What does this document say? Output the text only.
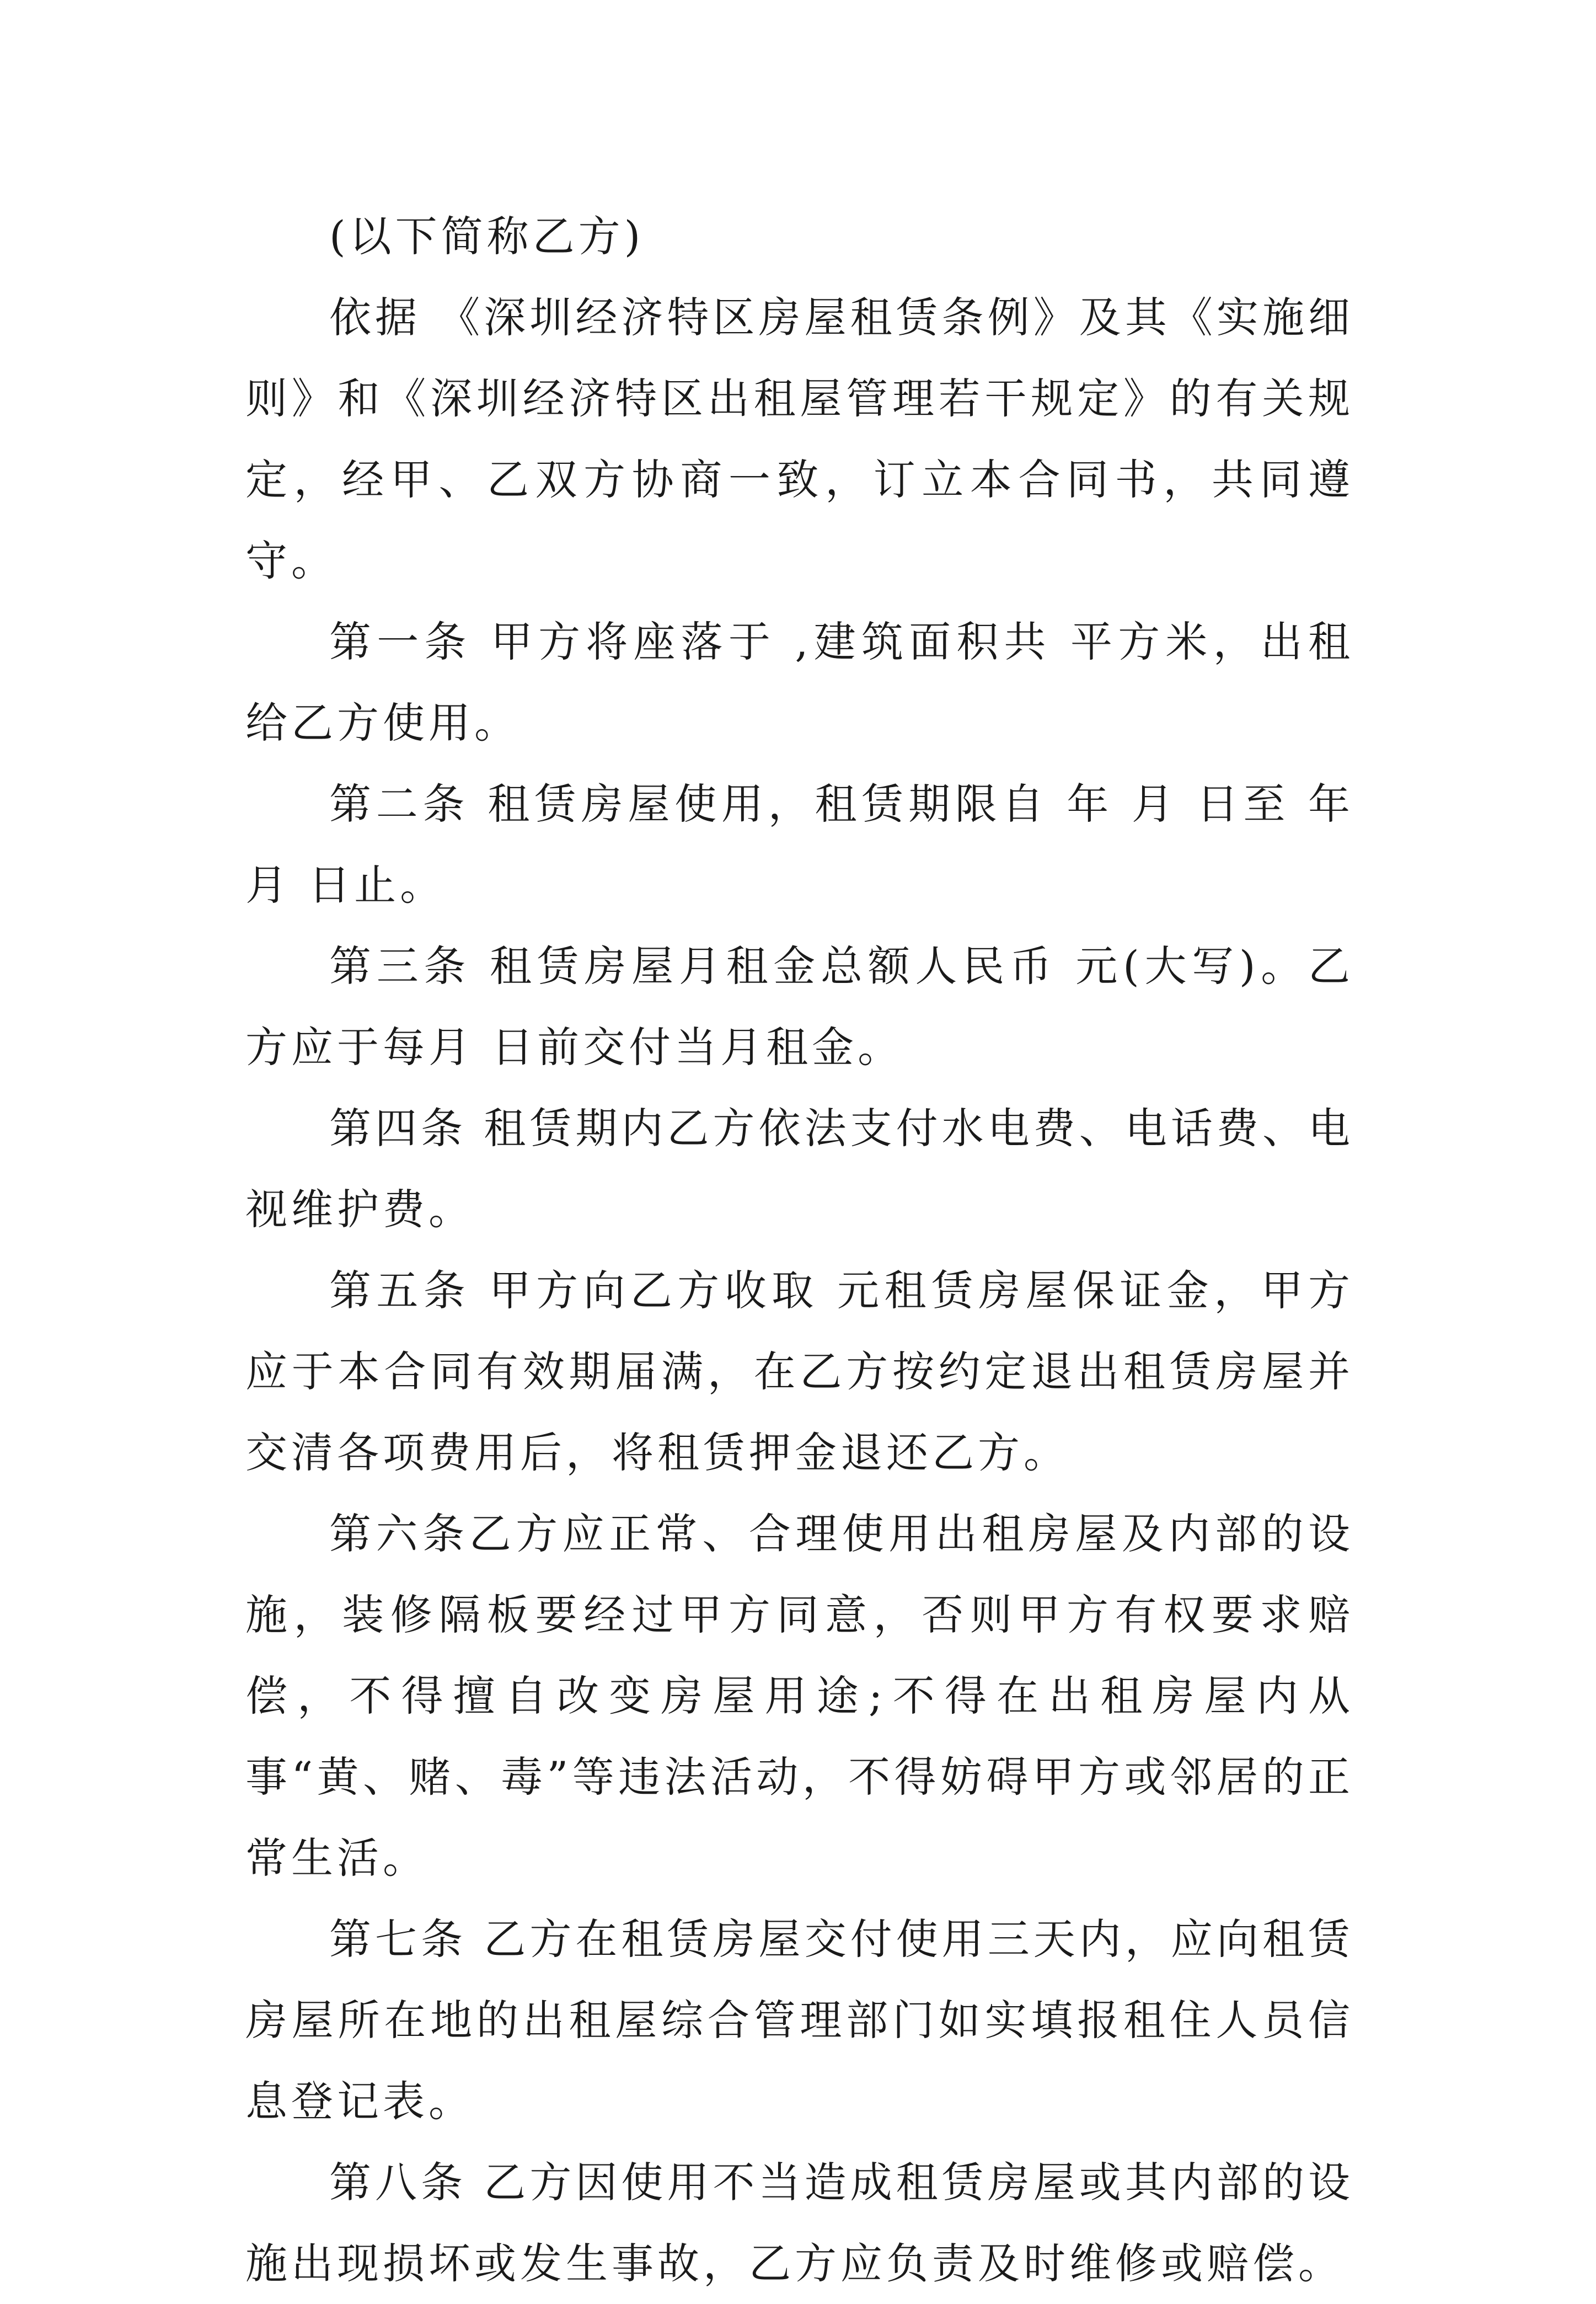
(以下简称乙方)

依据 《深圳经济特区房屋租赁条例》及其《实施细则》和《深圳经济特区出租屋管理若干规定》的有关规定，经甲、乙双方协商一致，订立本合同书，共同遵守。

第一条 甲方将座落于 ,建筑面积共 平方米，出租给乙方使用。

第二条 租赁房屋使用，租赁期限自 年 月 日至 年 月 日止。

第三条 租赁房屋月租金总额人民币 元(大写)。乙方应于每月 日前交付当月租金。

第四条 租赁期内乙方依法支付水电费、电话费、电视维护费。

第五条 甲方向乙方收取 元租赁房屋保证金，甲方应于本合同有效期届满，在乙方按约定退出租赁房屋并交清各项费用后，将租赁押金退还乙方。

第六条乙方应正常、合理使用出租房屋及内部的设施，装修隔板要经过甲方同意，否则甲方有权要求赔偿，不得擅自改变房屋用途;不得在出租房屋内从事“黄、赌、毒”等违法活动，不得妨碍甲方或邻居的正常生活。

第七条 乙方在租赁房屋交付使用三天内，应向租赁房屋所在地的出租屋综合管理部门如实填报租住人员信息登记表。

第八条 乙方因使用不当造成租赁房屋或其内部的设施出现损坏或发生事故，乙方应负责及时维修或赔偿。
